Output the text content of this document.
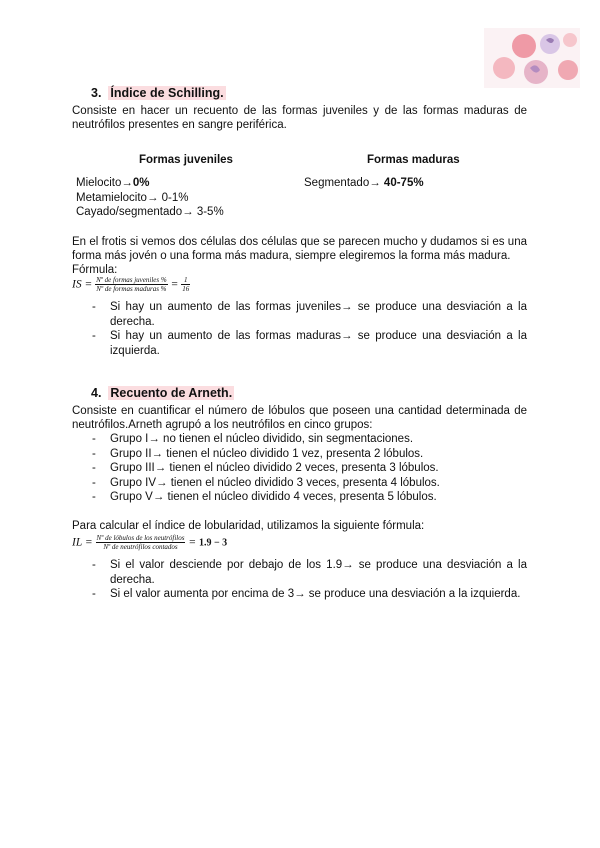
3. Índice de Schilling.
Consiste en hacer un recuento de las formas juveniles y de las formas maduras de
neutrófilos presentes en sangre periférica.
Formas juveniles	Formas maduras
Mielocito→0%
Metamielocito→ 0-1%
Cayado/segmentado→ 3-5%
Segmentado→ 40-75%
En el frotis si vemos dos células dos células que se parecen mucho y dudamos si es una
forma más jovén o una forma más madura, siempre elegiremos la forma más madura.
Fórmula:
IS = $\frac{\text{Nº de formas juveniles \%}}{\text{Nº de formas maduras \%}} = \frac{1}{16}$
- Si hay un aumento de las formas juveniles→ se produce una desviación a la
derecha.
- Si hay un aumento de las formas maduras→ se produce una desviación a la
izquierda.
4. Recuento de Arneth.
Consiste en cuantificar el número de lóbulos que poseen una cantidad determinada de
neutrófilos.Arneth agrupó a los neutrófilos en cinco grupos:
- Grupo I→ no tienen el núcleo dividido, sin segmentaciones.
- Grupo II→ tienen el núcleo dividido 1 vez, presenta 2 lóbulos.
- Grupo III→ tienen el núcleo dividido 2 veces, presenta 3 lóbulos.
- Grupo IV→ tienen el núcleo dividido 3 veces, presenta 4 lóbulos.
- Grupo V→ tienen el núcleo dividido 4 veces, presenta 5 lóbulos.
Para calcular el índice de lobularidad, utilizamos la siguiente fórmula:
IL = $\frac{\text{Nº de lóbulos de los neutrófilos}}{\text{Nº de neutrófilos contados}} = 1.9 - 3$
- Si el valor desciende por debajo de los 1.9→ se produce una desviación a la
derecha.
- Si el valor aumenta por encima de 3→ se produce una desviación a la izquierda.
